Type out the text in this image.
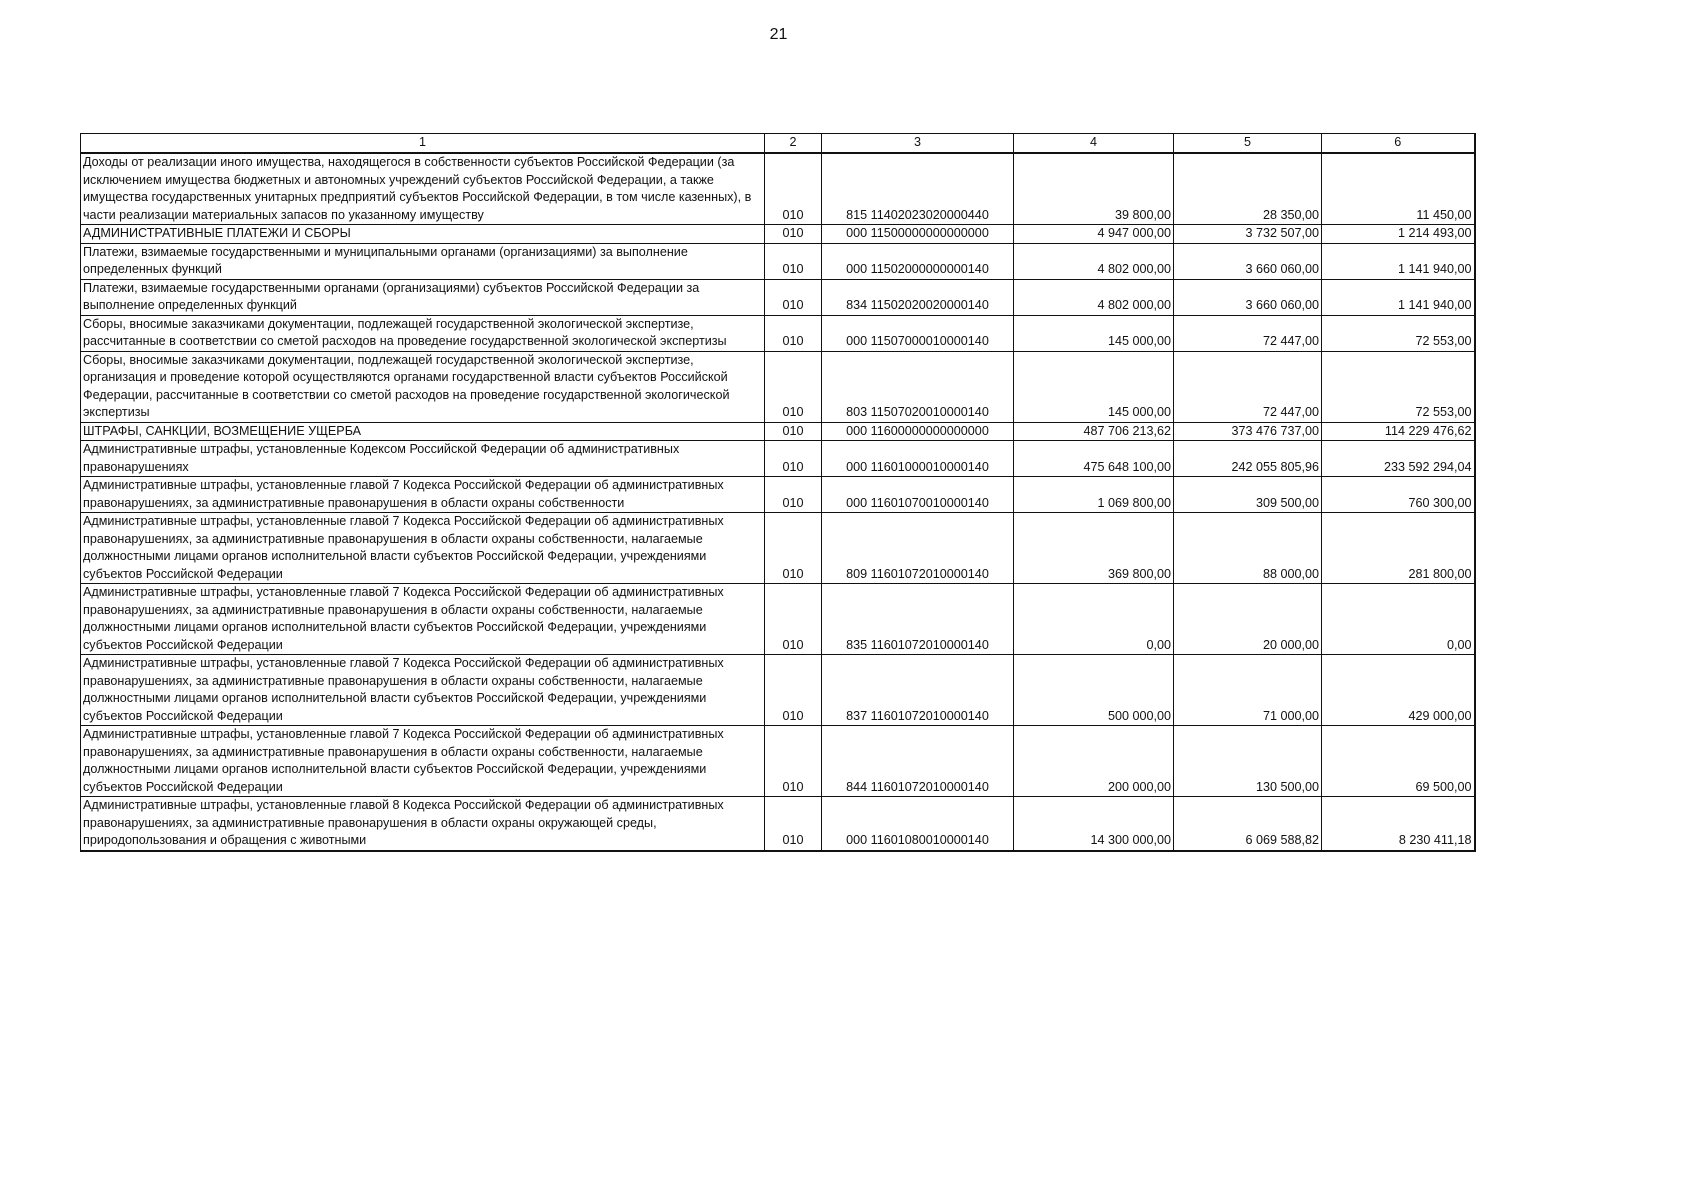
21
1	2	3	4	5	6
Доходы от реализации иного имущества, находящегося в собственности субъектов Российской Федерации (за исключением имущества бюджетных и автономных учреждений субъектов Российской Федерации, а также имущества государственных унитарных предприятий субъектов Российской Федерации, в том числе казенных), в части реализации материальных запасов по указанному имуществу	010	815 11402023020000440	39 800,00	28 350,00	11 450,00
АДМИНИСТРАТИВНЫЕ ПЛАТЕЖИ И СБОРЫ	010	000 11500000000000000	4 947 000,00	3 732 507,00	1 214 493,00
Платежи, взимаемые государственными и муниципальными органами (организациями) за выполнение определенных функций	010	000 11502000000000140	4 802 000,00	3 660 060,00	1 141 940,00
Платежи, взимаемые государственными органами (организациями) субъектов Российской Федерации за выполнение определенных функций	010	834 11502020020000140	4 802 000,00	3 660 060,00	1 141 940,00
Сборы, вносимые заказчиками документации, подлежащей государственной экологической экспертизе, рассчитанные в соответствии со сметой расходов на проведение государственной экологической экспертизы	010	000 11507000010000140	145 000,00	72 447,00	72 553,00
Сборы, вносимые заказчиками документации, подлежащей государственной экологической экспертизе, организация и проведение которой осуществляются органами государственной власти субъектов Российской Федерации, рассчитанные в соответствии со сметой расходов на проведение государственной экологической экспертизы	010	803 11507020010000140	145 000,00	72 447,00	72 553,00
ШТРАФЫ, САНКЦИИ, ВОЗМЕЩЕНИЕ УЩЕРБА	010	000 11600000000000000	487 706 213,62	373 476 737,00	114 229 476,62
Административные штрафы, установленные Кодексом Российской Федерации об административных правонарушениях	010	000 11601000010000140	475 648 100,00	242 055 805,96	233 592 294,04
Административные штрафы, установленные главой 7 Кодекса Российской Федерации об административных правонарушениях, за административные правонарушения в области охраны собственности	010	000 11601070010000140	1 069 800,00	309 500,00	760 300,00
Административные штрафы, установленные главой 7 Кодекса Российской Федерации об административных правонарушениях, за административные правонарушения в области охраны собственности, налагаемые должностными лицами органов исполнительной власти субъектов Российской Федерации, учреждениями субъектов Российской Федерации	010	809 11601072010000140	369 800,00	88 000,00	281 800,00
Административные штрафы, установленные главой 7 Кодекса Российской Федерации об административных правонарушениях, за административные правонарушения в области охраны собственности, налагаемые должностными лицами органов исполнительной власти субъектов Российской Федерации, учреждениями субъектов Российской Федерации	010	835 11601072010000140	0,00	20 000,00	0,00
Административные штрафы, установленные главой 7 Кодекса Российской Федерации об административных правонарушениях, за административные правонарушения в области охраны собственности, налагаемые должностными лицами органов исполнительной власти субъектов Российской Федерации, учреждениями субъектов Российской Федерации	010	837 11601072010000140	500 000,00	71 000,00	429 000,00
Административные штрафы, установленные главой 7 Кодекса Российской Федерации об административных правонарушениях, за административные правонарушения в области охраны собственности, налагаемые должностными лицами органов исполнительной власти субъектов Российской Федерации, учреждениями субъектов Российской Федерации	010	844 11601072010000140	200 000,00	130 500,00	69 500,00
Административные штрафы, установленные главой 8 Кодекса Российской Федерации об административных правонарушениях, за административные правонарушения в области охраны окружающей среды, природопользования и обращения с животными	010	000 11601080010000140	14 300 000,00	6 069 588,82	8 230 411,18
